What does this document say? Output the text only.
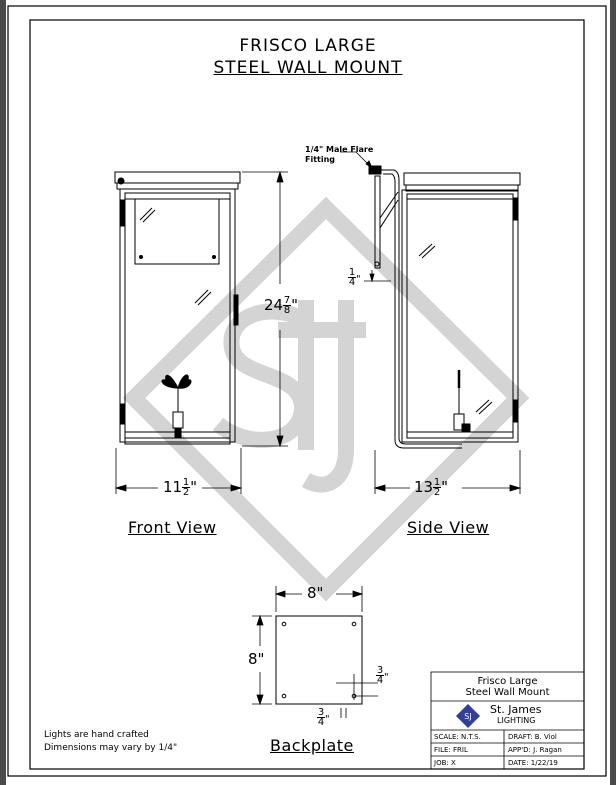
SJ
FRISCO LARGE
STEEL WALL MOUNT
1/4" Male Flare
Fitting
$24 \frac{7}{8}$ "
$11 \frac{1}{2}$ "	$13 \frac{1}{2}$ "
$\frac{1}{4}$ "
Front View	Side View
Backplate
8"
8"
$\frac{3}{4}$ "
$\frac{3}{4}$ "
Lights are hand crafted
Dimensions may vary by 1/4"
Frisco Large
Steel Wall Mount
St. James
LIGHTING
SCALE: N.T.S.	DRAFT: B. Viol
FILE: FRIL	APP'D: J. Ragan
JOB: X	DATE: 1/22/19
